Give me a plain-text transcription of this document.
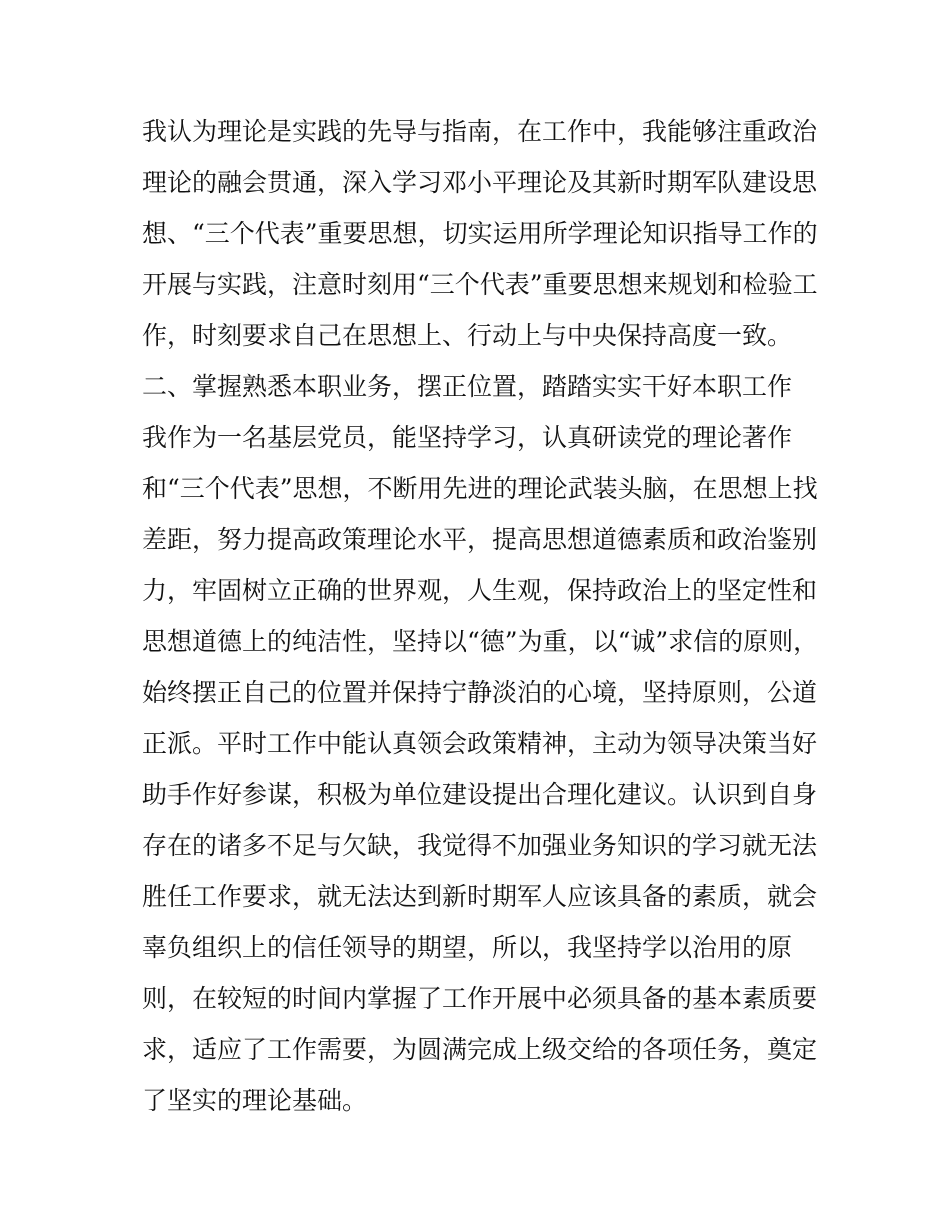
我认为理论是实践的先导与指南，在工作中，我能够注重政治
理论的融会贯通，深入学习邓小平理论及其新时期军队建设思
想、“三个代表”重要思想，切实运用所学理论知识指导工作的
开展与实践，注意时刻用“三个代表”重要思想来规划和检验工
作，时刻要求自己在思想上、行动上与中央保持高度一致。
二、掌握熟悉本职业务，摆正位置，踏踏实实干好本职工作
我作为一名基层党员，能坚持学习，认真研读党的理论著作
和“三个代表”思想，不断用先进的理论武装头脑，在思想上找
差距，努力提高政策理论水平，提高思想道德素质和政治鉴别
力，牢固树立正确的世界观，人生观，保持政治上的坚定性和
思想道德上的纯洁性，坚持以“德”为重，以“诚”求信的原则，
始终摆正自己的位置并保持宁静淡泊的心境，坚持原则，公道
正派。平时工作中能认真领会政策精神，主动为领导决策当好
助手作好参谋，积极为单位建设提出合理化建议。认识到自身
存在的诸多不足与欠缺，我觉得不加强业务知识的学习就无法
胜任工作要求，就无法达到新时期军人应该具备的素质，就会
辜负组织上的信任领导的期望，所以，我坚持学以治用的原
则，在较短的时间内掌握了工作开展中必须具备的基本素质要
求，适应了工作需要，为圆满完成上级交给的各项任务，奠定
了坚实的理论基础。
